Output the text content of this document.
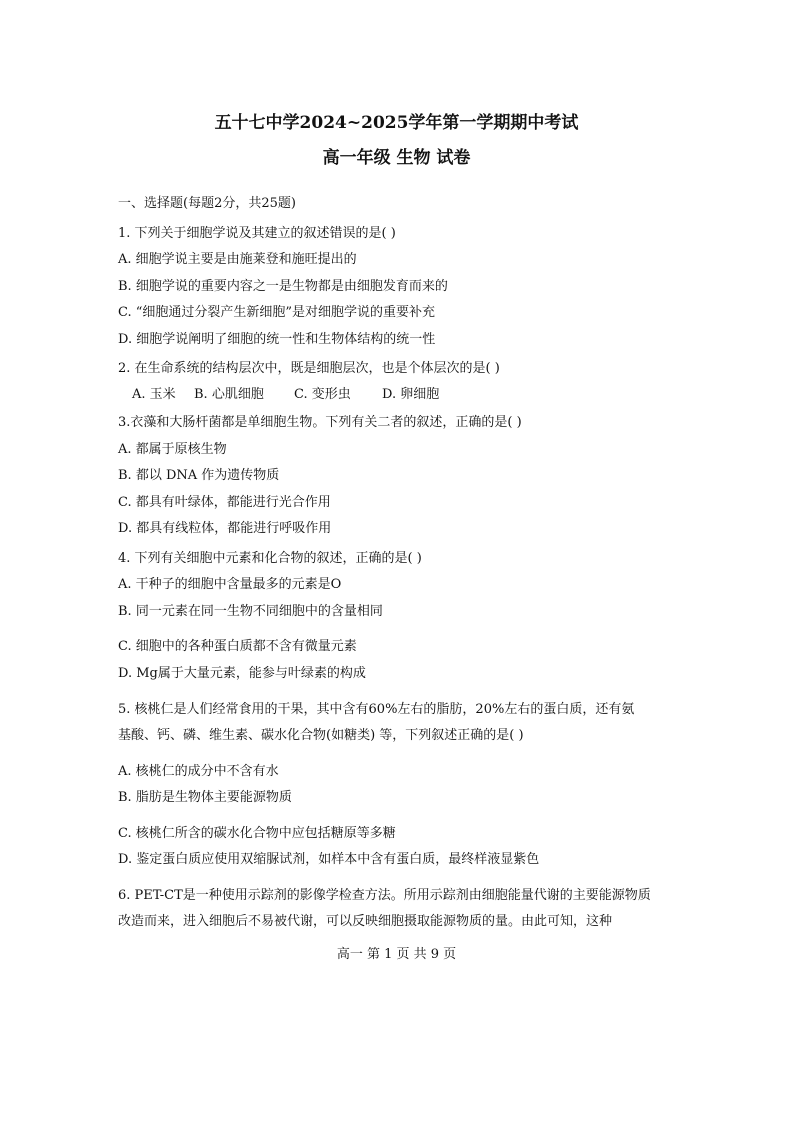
五十七中学2024~2025学年第一学期期中考试
高一年级 生物 试卷
一、选择题(每题2分，共25题)
1. 下列关于细胞学说及其建立的叙述错误的是( )
A. 细胞学说主要是由施莱登和施旺提出的
B. 细胞学说的重要内容之一是生物都是由细胞发育而来的
C. “细胞通过分裂产生新细胞”是对细胞学说的重要补充
D. 细胞学说阐明了细胞的统一性和生物体结构的统一性
2. 在生命系统的结构层次中，既是细胞层次，也是个体层次的是( )
A. 玉米	B. 心肌细胞	C. 变形虫	D. 卵细胞
3.衣藻和大肠杆菌都是单细胞生物。下列有关二者的叙述，正确的是( )
A. 都属于原核生物
B. 都以 DNA 作为遗传物质
C. 都具有叶绿体，都能进行光合作用
D. 都具有线粒体，都能进行呼吸作用
4. 下列有关细胞中元素和化合物的叙述，正确的是( )
A. 干种子的细胞中含量最多的元素是O
B. 同一元素在同一生物不同细胞中的含量相同
C. 细胞中的各种蛋白质都不含有微量元素
D. Mg属于大量元素，能参与叶绿素的构成
5. 核桃仁是人们经常食用的干果，其中含有60%左右的脂肪，20%左右的蛋白质，还有氨
基酸、钙、磷、维生素、碳水化合物(如糖类) 等，下列叙述正确的是( )
A. 核桃仁的成分中不含有水
B. 脂肪是生物体主要能源物质
C. 核桃仁所含的碳水化合物中应包括糖原等多糖
D. 鉴定蛋白质应使用双缩脲试剂，如样本中含有蛋白质，最终样液显紫色
6. PET-CT是一种使用示踪剂的影像学检查方法。所用示踪剂由细胞能量代谢的主要能源物质
改造而来，进入细胞后不易被代谢，可以反映细胞摄取能源物质的量。由此可知，这种
高一 第 1 页 共 9 页
